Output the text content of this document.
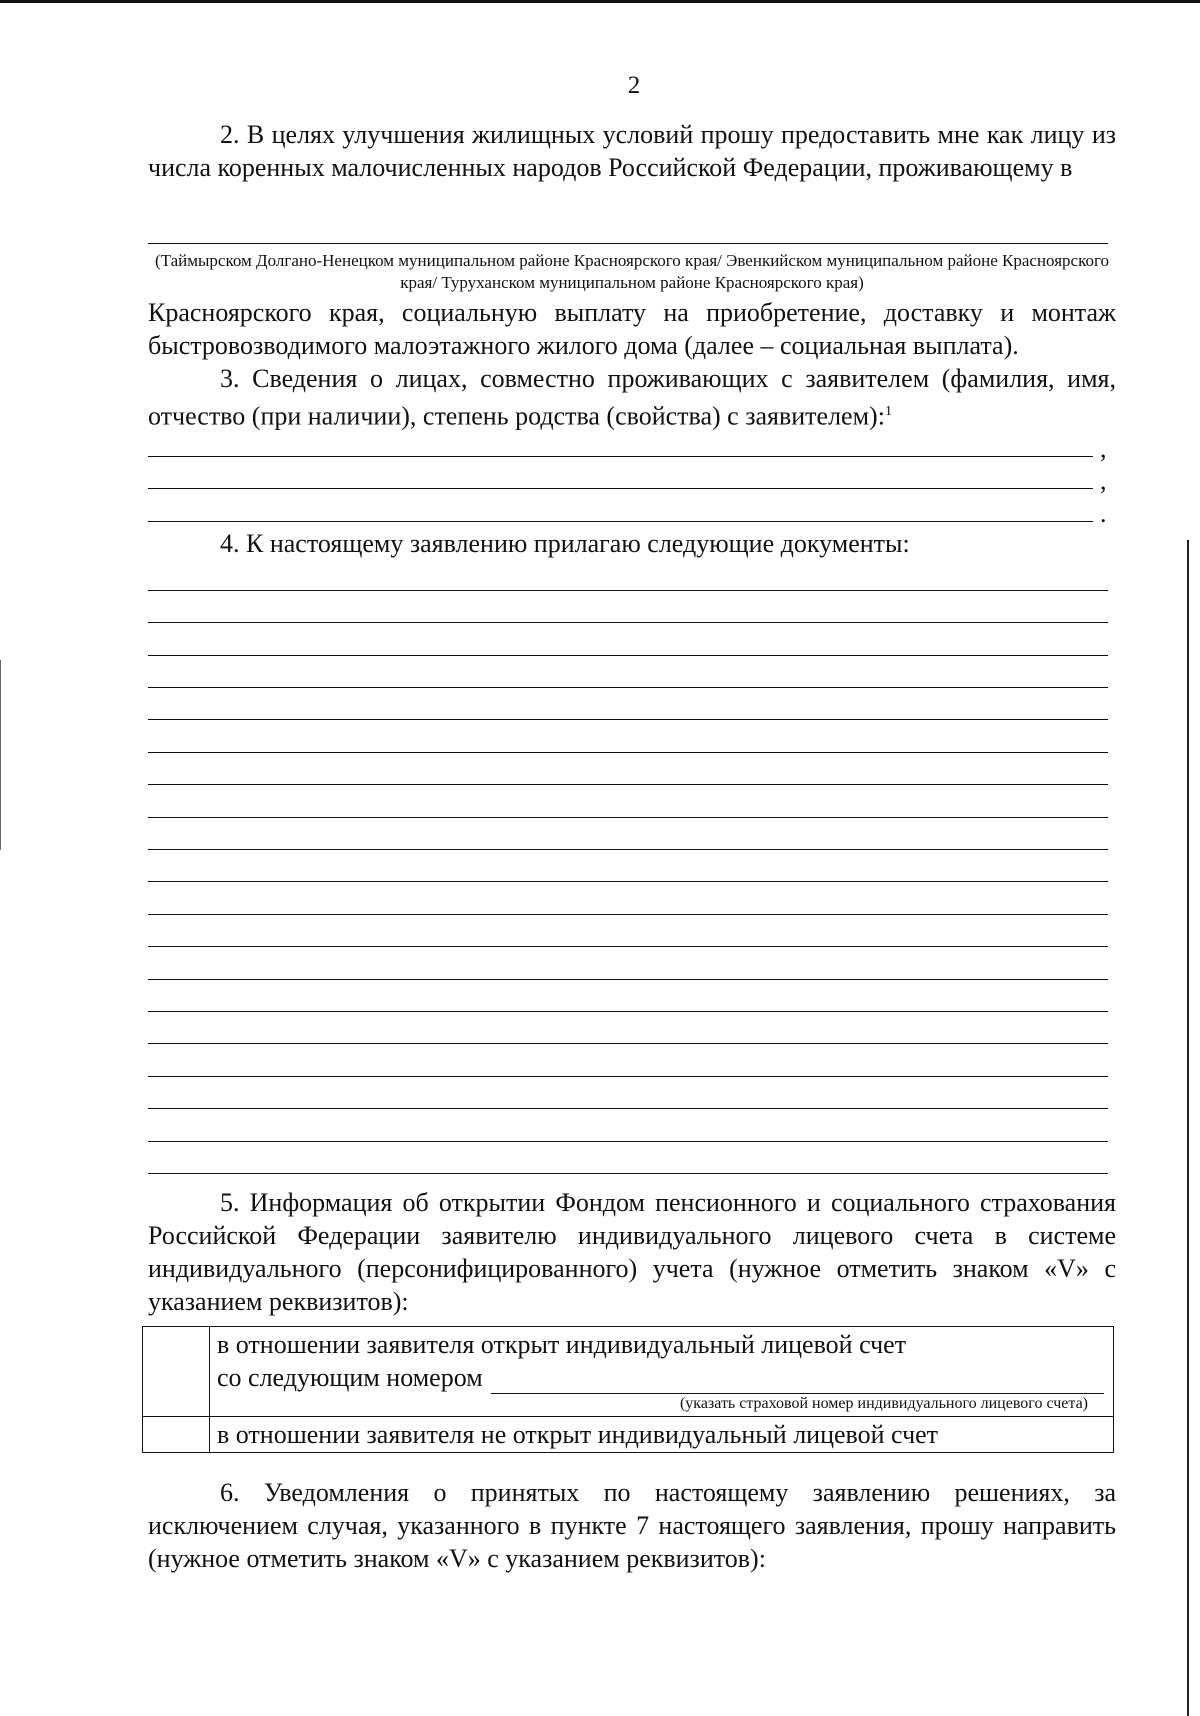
2
2. В целях улучшения жилищных условий прошу предоставить мне как лицу из числа коренных малочисленных народов Российской Федерации, проживающему в
(Таймырском Долгано-Ненецком муниципальном районе Красноярского края/ Эвенкийском муниципальном районе Красноярского края/ Туруханском муниципальном районе Красноярского края)
Красноярского края, социальную выплату на приобретение, доставку и монтаж быстровозводимого малоэтажного жилого дома (далее – социальная выплата).
3. Сведения о лицах, совместно проживающих с заявителем (фамилия, имя, отчество (при наличии), степень родства (свойства) с заявителем):$^1$
,
,
.
4. К настоящему заявлению прилагаю следующие документы:
5. Информация об открытии Фондом пенсионного и социального страхования Российской Федерации заявителю индивидуального лицевого счета в системе индивидуального (персонифицированного) учета (нужное отметить знаком «V» с указанием реквизитов):

	в отношении заявителя открыт индивидуальный лицевой счет
со следующим номером
(указать страховой номер индивидуального лицевого счета)

	в отношении заявителя не открыт индивидуальный лицевой счет
6. Уведомления о принятых по настоящему заявлению решениях, за исключением случая, указанного в пункте 7 настоящего заявления, прошу направить (нужное отметить знаком «V» с указанием реквизитов):
